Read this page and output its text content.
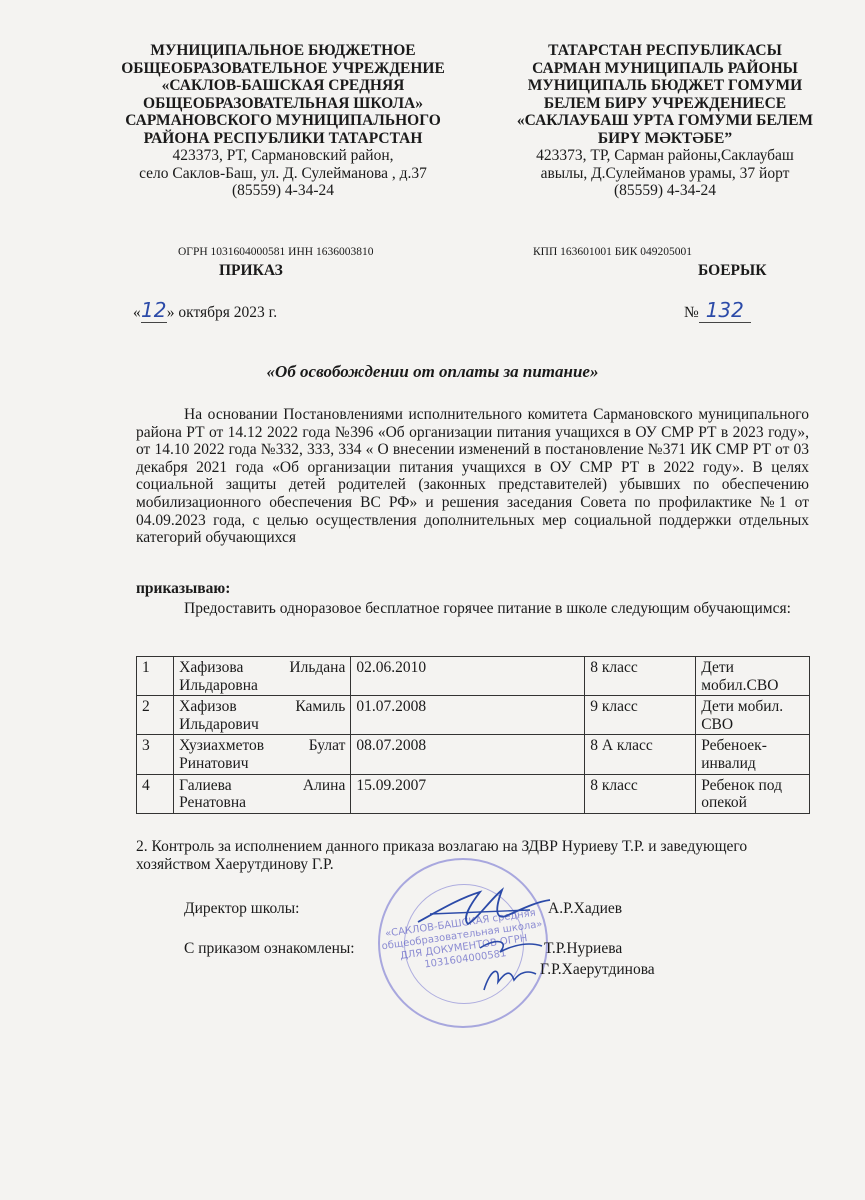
МУНИЦИПАЛЬНОЕ БЮДЖЕТНОЕ
ОБЩЕОБРАЗОВАТЕЛЬНОЕ УЧРЕЖДЕНИЕ
«САКЛОВ-БАШСКАЯ СРЕДНЯЯ
ОБЩЕОБРАЗОВАТЕЛЬНАЯ ШКОЛА»
САРМАНОВСКОГО МУНИЦИПАЛЬНОГО
РАЙОНА РЕСПУБЛИКИ ТАТАРСТАН
423373, РТ, Сармановский район,
село Саклов-Баш, ул. Д. Сулейманова , д.37
(85559) 4-34-24
ТАТАРСТАН РЕСПУБЛИКАСЫ
САРМАН МУНИЦИПАЛЬ РАЙОНЫ
МУНИЦИПАЛЬ БЮДЖЕТ ГОМУМИ
БЕЛЕМ БИРУ УЧРЕЖДЕНИЕСЕ
«САКЛАУБАШ УРТА ГОМУМИ БЕЛЕМ
БИРҮ МӘКТӘБЕ”
423373, ТР, Сарман районы,Саклаубаш
авылы, Д.Сулейманов урамы, 37 йорт
(85559) 4-34-24
ОГРН 1031604000581 ИНН 1636003810	КПП 163601001 БИК 049205001
ПРИКАЗ	БОЕРЫК
«12» октября 2023 г.	№ 132
«Об освобождении от оплаты за питание»
На основании Постановлениями исполнительного комитета Сармановского муниципального района РТ от 14.12 2022 года №396 «Об организации питания учащихся в ОУ СМР РТ в 2023 году», от 14.10 2022 года №332, 333, 334 « О внесении изменений в постановление №371 ИК СМР РТ от 03 декабря 2021 года «Об организации питания учащихся в ОУ СМР РТ в 2022 году». В целях социальной защиты детей родителей (законных представителей) убывших по обеспечению мобилизационного обеспечения ВС РФ» и решения заседания Совета по профилактике №1 от 04.09.2023 года, с целью осуществления дополнительных мер социальной поддержки отдельных категорий обучающихся
приказываю:
Предоставить одноразовое бесплатное горячее питание в школе следующим обучающимся:
1	Хафизова Ильдана Ильдаровна	02.06.2010	8 класс	Дети мобил.СВО
2	Хафизов Камиль Ильдарович	01.07.2008	9 класс	Дети мобил. СВО
3	Хузиахметов Булат Ринатович	08.07.2008	8 А класс	Ребеноек-инвалид
4	Галиева Алина Ренатовна	15.09.2007	8 класс	Ребенок под опекой
2. Контроль за исполнением данного приказа возлагаю на ЗДВР Нуриеву Т.Р. и заведующего хозяйством Хаерутдинову Г.Р.
«САКЛОВ-БАШСКАЯ средняя общеобразовательная школа» ДЛЯ ДОКУМЕНТОВ ОГРН 1031604000581
Директор школы:	А.Р.Хадиев
С приказом ознакомлены:	Т.Р.Нуриева
Г.Р.Хаерутдинова
